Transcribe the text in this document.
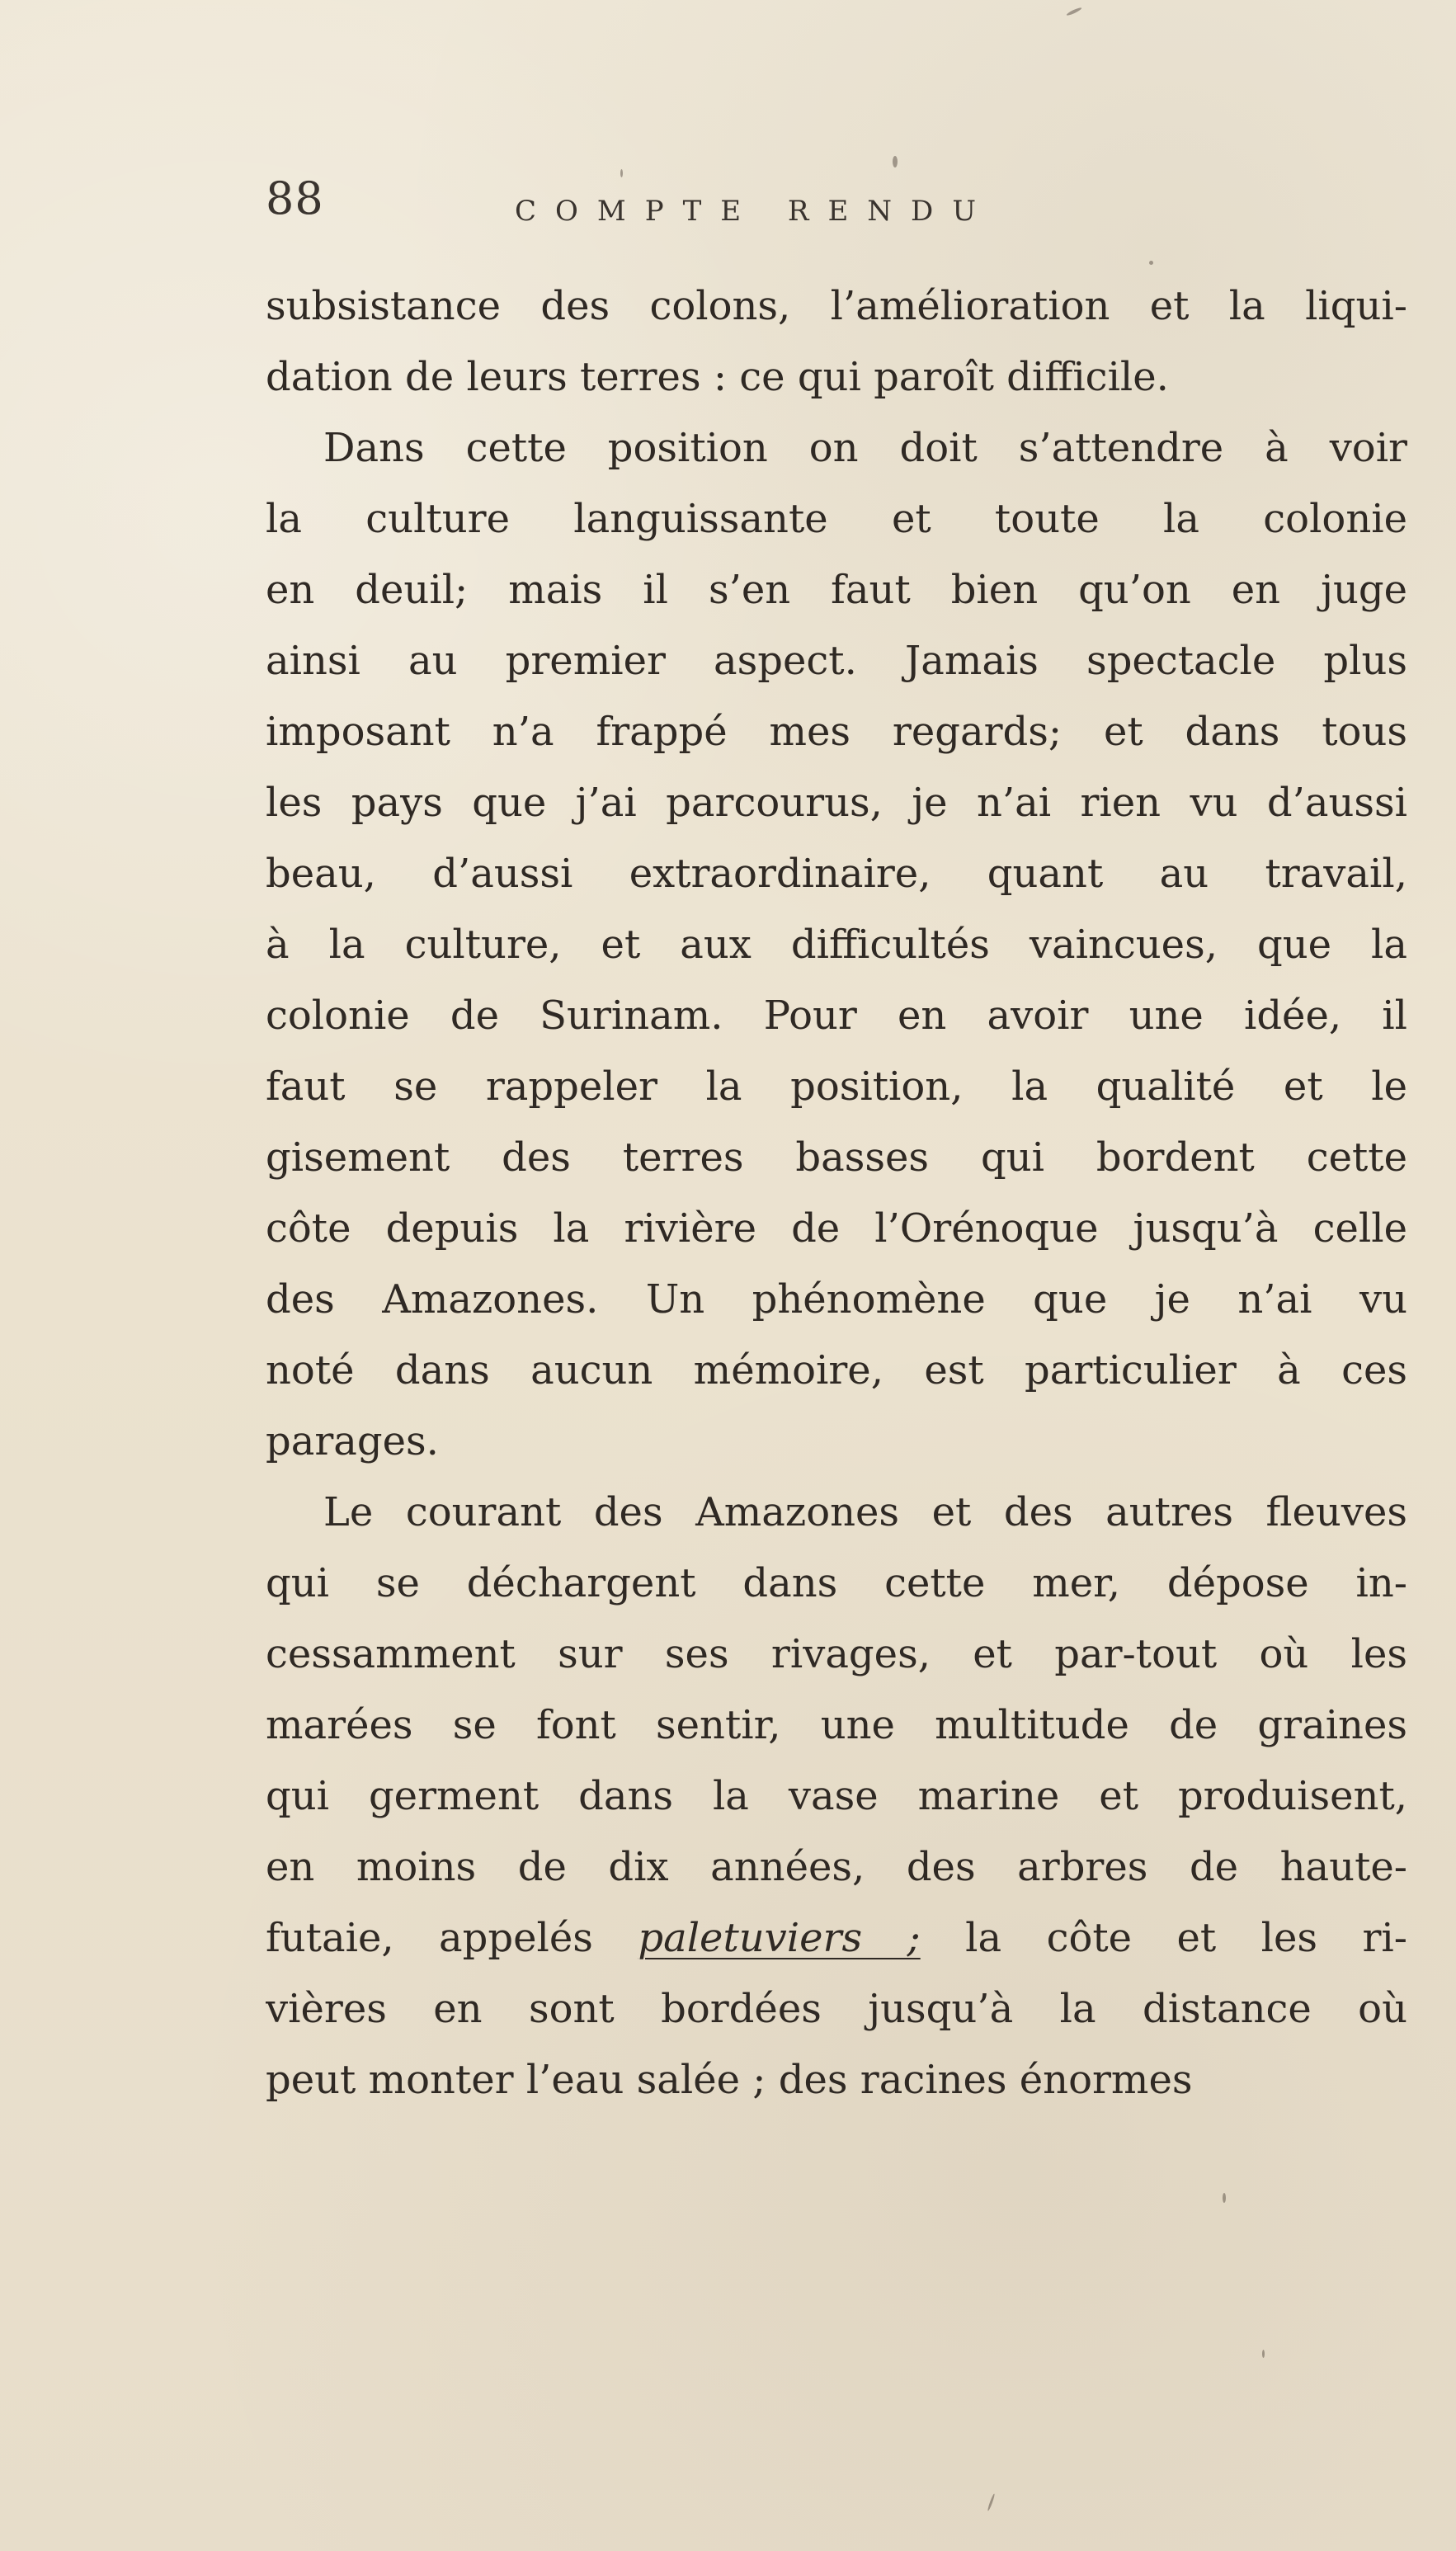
88	COMPTE RENDU
subsistance des colons, l’amélioration et la liqui-
dation de leurs terres : ce qui paroît difficile.
Dans cette position on doit s’attendre à voir
la culture languissante et toute la colonie
en deuil; mais il s’en faut bien qu’on en juge
ainsi au premier aspect. Jamais spectacle plus
imposant n’a frappé mes regards; et dans tous
les pays que j’ai parcourus, je n’ai rien vu d’aussi
beau, d’aussi extraordinaire, quant au travail,
à la culture, et aux difficultés vaincues, que la
colonie de Surinam. Pour en avoir une idée, il
faut se rappeler la position, la qualité et le
gisement des terres basses qui bordent cette
côte depuis la rivière de l’Orénoque jusqu’à celle
des Amazones. Un phénomène que je n’ai vu
noté dans aucun mémoire, est particulier à ces
parages.
Le courant des Amazones et des autres fleuves
qui se déchargent dans cette mer, dépose in-
cessamment sur ses rivages, et par-tout où les
marées se font sentir, une multitude de graines
qui germent dans la vase marine et produisent,
en moins de dix années, des arbres de haute-
futaie, appelés paletuviers ; la côte et les ri-
vières en sont bordées jusqu’à la distance où
peut monter l’eau salée ; des racines énormes
